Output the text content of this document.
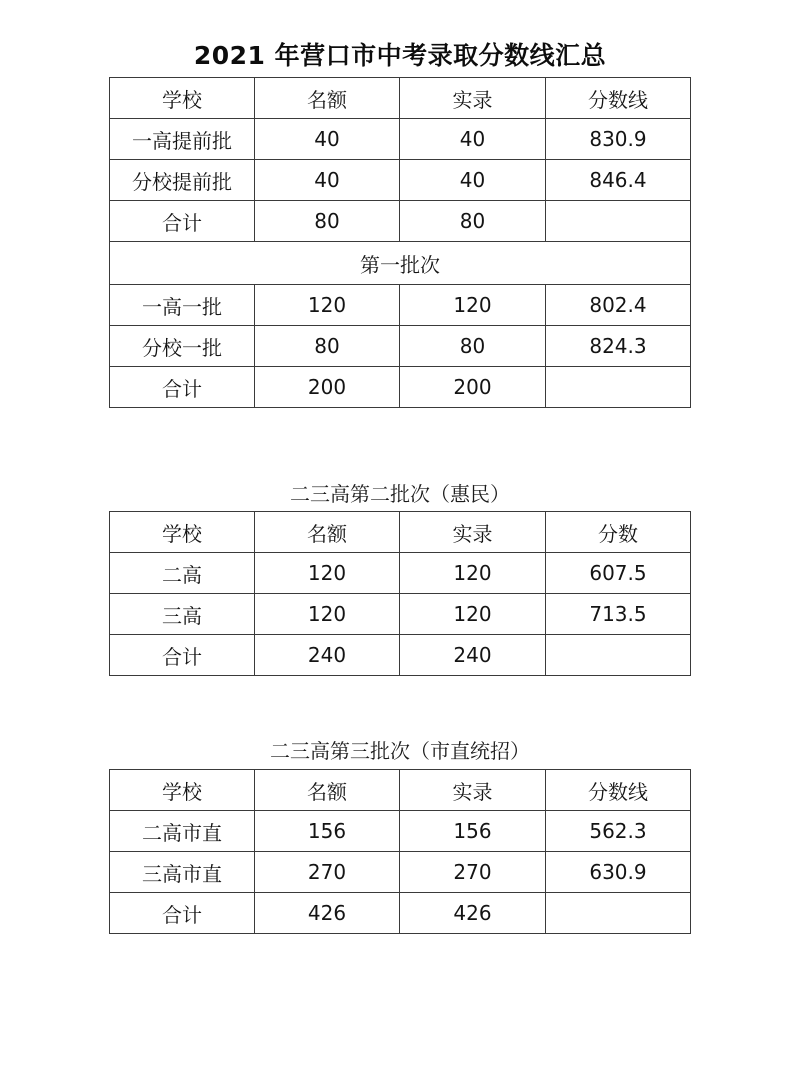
2021 年营口市中考录取分数线汇总
学校	名额	实录	分数线
一高提前批	40	40	830.9
分校提前批	40	40	846.4
合计	80	80	
第一批次			
一高一批	120	120	802.4
分校一批	80	80	824.3
合计	200	200	
二三高第二批次（惠民）
学校	名额	实录	分数
二高	120	120	607.5
三高	120	120	713.5
合计	240	240	
二三高第三批次（市直统招）
学校	名额	实录	分数线
二高市直	156	156	562.3
三高市直	270	270	630.9
合计	426	426	
